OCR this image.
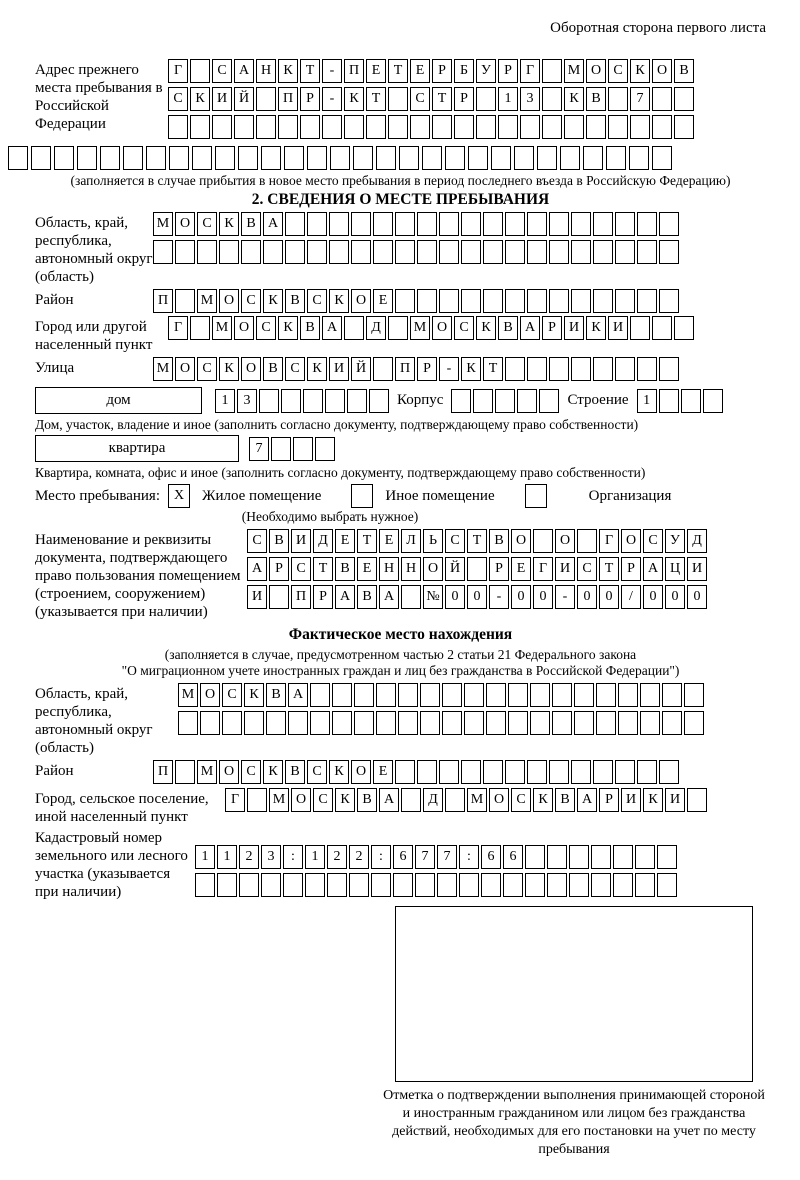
Оборотная сторона первого листа
Адрес прежнего места пребывания в Российской Федерации
Г	С А Н К Т	-	П Е Т Е Р	Б У Р	Г	М О С К О В
С К И Й	П Р	-	К Т	С Т Р	1	3	К В	7
(заполняется в случае прибытия в новое место пребывания в период последнего въезда в Российскую Федерацию)
2. СВЕДЕНИЯ О МЕСТЕ ПРЕБЫВАНИЯ
Область, край, республика, автономный округ (область)
М О С К В А
Район	П	М О С К В С К О Е
Город или другой населенный пункт
Г	М О С К В А	Д	М О С К В А Р И К И
Улица	М О С К О В С К И Й	П Р	-	К Т
дом	1	3	Корпус	Строение	1
Дом, участок, владение и иное (заполнить согласно документу, подтверждающему право собственности)
квартира	7
Квартира, комната, офис и иное (заполнить согласно документу, подтверждающему право собственности)
Место пребывания: X	Жилое помещение	Иное помещение	Организация
(Необходимо выбрать нужное)
Наименование и реквизиты документа, подтверждающего право пользования помещением (строением, сооружением) (указывается при наличии)
С В И Д Е Т Е Л Ь С Т В О	О	Г О С У Д
А Р С Т В Е Н Н О Й	Р Е Г И С Т Р А Ц И
И	П Р А В А	№ 0	0	-	0	0	-	0	0	/	0	0	0
Фактическое место нахождения
(заполняется в случае, предусмотренном частью 2 статьи 21 Федерального закона
"О миграционном учете иностранных граждан и лиц без гражданства в Российской Федерации")
Область, край, республика, автономный округ (область)
М О С К В А
Район	П	М О С К В С К О Е
Город, сельское поселение, иной населенный пункт
Г	М О С К В А	Д	М О С К В А Р И К И
Кадастровый номер земельного или лесного участка (указывается при наличии)
1	1	2	3	:	1	2	2	:	6	7	7	:	6	6
Отметка о подтверждении выполнения принимающей стороной и иностранным гражданином или лицом без гражданства действий, необходимых для его постановки на учет по месту пребывания
